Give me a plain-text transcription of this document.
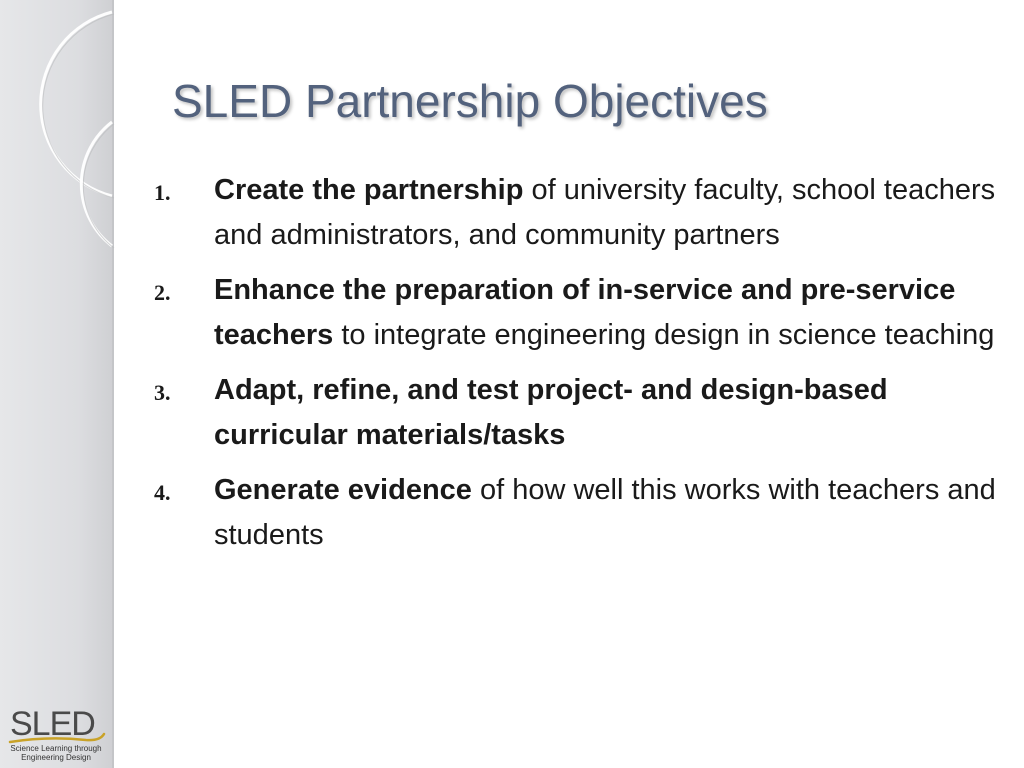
SLED Partnership Objectives
1. Create the partnership of university faculty, school teachers and administrators, and community partners
2. Enhance the preparation of in-service and pre-service teachers to integrate engineering design in science teaching
3. Adapt, refine, and test project- and design-based curricular materials/tasks
4. Generate evidence of how well this works with teachers and students
SLED
Science Learning through
Engineering Design
